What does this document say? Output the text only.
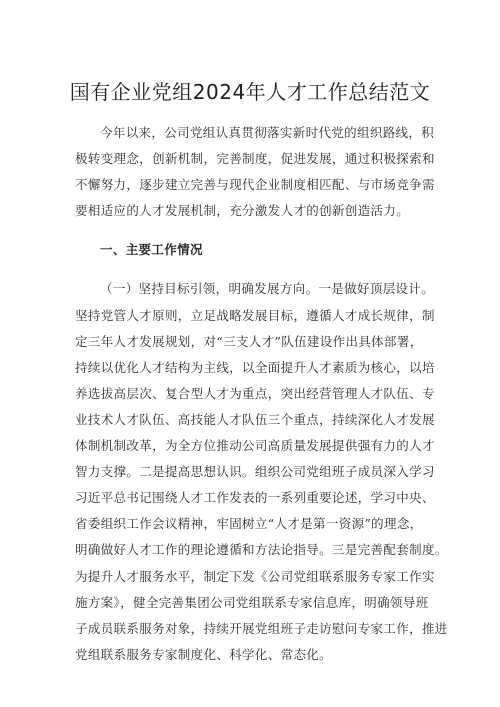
国有企业党组2024年人才工作总结范文
今年以来，公司党组认真贯彻落实新时代党的组织路线，积
极转变理念，创新机制，完善制度，促进发展，通过积极探索和
不懈努力，逐步建立完善与现代企业制度相匹配、与市场竞争需
要相适应的人才发展机制，充分激发人才的创新创造活力。
一、主要工作情况
（一）坚持目标引领，明确发展方向。一是做好顶层设计。
坚持党管人才原则，立足战略发展目标，遵循人才成长规律，制
定三年人才发展规划，对“三支人才”队伍建设作出具体部署，
持续以优化人才结构为主线，以全面提升人才素质为核心，以培
养选拔高层次、复合型人才为重点，突出经营管理人才队伍、专
业技术人才队伍、高技能人才队伍三个重点，持续深化人才发展
体制机制改革，为全方位推动公司高质量发展提供强有力的人才
智力支撑。二是提高思想认识。组织公司党组班子成员深入学习
习近平总书记围绕人才工作发表的一系列重要论述，学习中央、
省委组织工作会议精神，牢固树立“人才是第一资源”的理念，
明确做好人才工作的理论遵循和方法论指导。三是完善配套制度。
为提升人才服务水平，制定下发《公司党组联系服务专家工作实
施方案》，健全完善集团公司党组联系专家信息库，明确领导班
子成员联系服务对象，持续开展党组班子走访慰问专家工作，推进
党组联系服务专家制度化、科学化、常态化。
